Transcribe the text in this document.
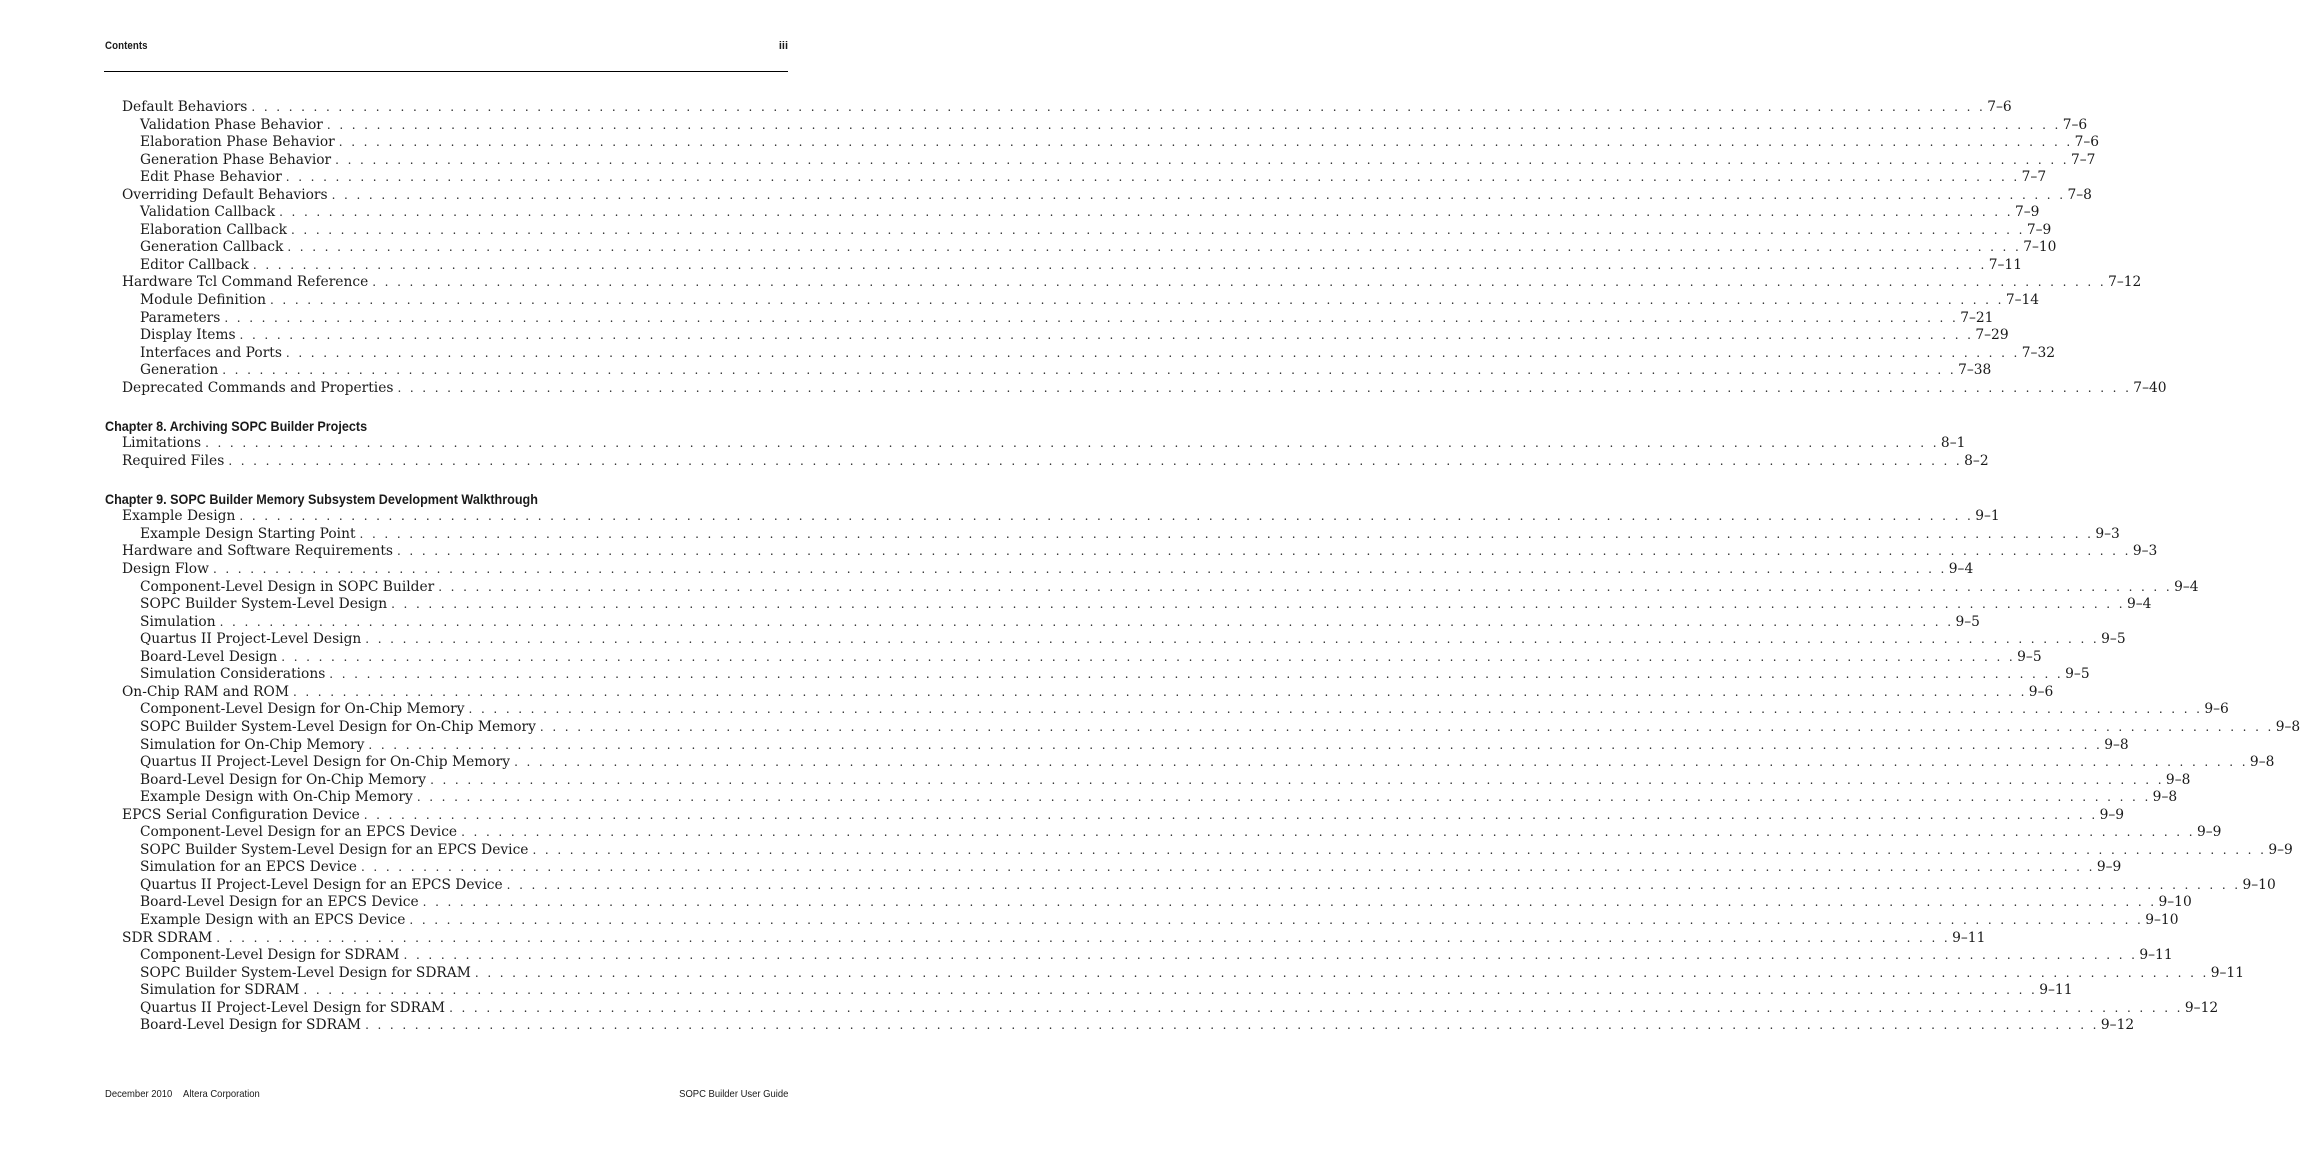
Contents	iii
Default Behaviors . . . . . . . . . . . . . . . . . . . . . . . . . . . . . . . . . . . . . . . . . . . . . . . . . . . . . . . . . . . . . . . . . . . . . . . . . . . . . . . . . . . . . . . . . . . . . . . . . . . . . . . . . . . . . . . . . . . . . . . . . . . . . . . . . . . . . . . . . . . . 7–6
Validation Phase Behavior . . . . . . . . . . . . . . . . . . . . . . . . . . . . . . . . . . . . . . . . . . . . . . . . . . . . . . . . . . . . . . . . . . . . . . . . . . . . . . . . . . . . . . . . . . . . . . . . . . . . . . . . . . . . . . . . . . . . . . . . . . . . . . . . . . . . . . . . . . . . 7–6
Elaboration Phase Behavior . . . . . . . . . . . . . . . . . . . . . . . . . . . . . . . . . . . . . . . . . . . . . . . . . . . . . . . . . . . . . . . . . . . . . . . . . . . . . . . . . . . . . . . . . . . . . . . . . . . . . . . . . . . . . . . . . . . . . . . . . . . . . . . . . . . . . . . . . . . . 7–6
Generation Phase Behavior . . . . . . . . . . . . . . . . . . . . . . . . . . . . . . . . . . . . . . . . . . . . . . . . . . . . . . . . . . . . . . . . . . . . . . . . . . . . . . . . . . . . . . . . . . . . . . . . . . . . . . . . . . . . . . . . . . . . . . . . . . . . . . . . . . . . . . . . . . . . 7–7
Edit Phase Behavior . . . . . . . . . . . . . . . . . . . . . . . . . . . . . . . . . . . . . . . . . . . . . . . . . . . . . . . . . . . . . . . . . . . . . . . . . . . . . . . . . . . . . . . . . . . . . . . . . . . . . . . . . . . . . . . . . . . . . . . . . . . . . . . . . . . . . . . . . . . . 7–7
Overriding Default Behaviors . . . . . . . . . . . . . . . . . . . . . . . . . . . . . . . . . . . . . . . . . . . . . . . . . . . . . . . . . . . . . . . . . . . . . . . . . . . . . . . . . . . . . . . . . . . . . . . . . . . . . . . . . . . . . . . . . . . . . . . . . . . . . . . . . . . . . . . . . . . . 7–8
Validation Callback . . . . . . . . . . . . . . . . . . . . . . . . . . . . . . . . . . . . . . . . . . . . . . . . . . . . . . . . . . . . . . . . . . . . . . . . . . . . . . . . . . . . . . . . . . . . . . . . . . . . . . . . . . . . . . . . . . . . . . . . . . . . . . . . . . . . . . . . . . . . 7–9
Elaboration Callback . . . . . . . . . . . . . . . . . . . . . . . . . . . . . . . . . . . . . . . . . . . . . . . . . . . . . . . . . . . . . . . . . . . . . . . . . . . . . . . . . . . . . . . . . . . . . . . . . . . . . . . . . . . . . . . . . . . . . . . . . . . . . . . . . . . . . . . . . . . . 7–9
Generation Callback . . . . . . . . . . . . . . . . . . . . . . . . . . . . . . . . . . . . . . . . . . . . . . . . . . . . . . . . . . . . . . . . . . . . . . . . . . . . . . . . . . . . . . . . . . . . . . . . . . . . . . . . . . . . . . . . . . . . . . . . . . . . . . . . . . . . . . . . . . . . 7–10
Editor Callback . . . . . . . . . . . . . . . . . . . . . . . . . . . . . . . . . . . . . . . . . . . . . . . . . . . . . . . . . . . . . . . . . . . . . . . . . . . . . . . . . . . . . . . . . . . . . . . . . . . . . . . . . . . . . . . . . . . . . . . . . . . . . . . . . . . . . . . . . . . . 7–11
Hardware Tcl Command Reference . . . . . . . . . . . . . . . . . . . . . . . . . . . . . . . . . . . . . . . . . . . . . . . . . . . . . . . . . . . . . . . . . . . . . . . . . . . . . . . . . . . . . . . . . . . . . . . . . . . . . . . . . . . . . . . . . . . . . . . . . . . . . . . . . . . . . . . . . . . . 7–12
Module Definition . . . . . . . . . . . . . . . . . . . . . . . . . . . . . . . . . . . . . . . . . . . . . . . . . . . . . . . . . . . . . . . . . . . . . . . . . . . . . . . . . . . . . . . . . . . . . . . . . . . . . . . . . . . . . . . . . . . . . . . . . . . . . . . . . . . . . . . . . . . . 7–14
Parameters . . . . . . . . . . . . . . . . . . . . . . . . . . . . . . . . . . . . . . . . . . . . . . . . . . . . . . . . . . . . . . . . . . . . . . . . . . . . . . . . . . . . . . . . . . . . . . . . . . . . . . . . . . . . . . . . . . . . . . . . . . . . . . . . . . . . . . . . . . . . 7–21
Display Items . . . . . . . . . . . . . . . . . . . . . . . . . . . . . . . . . . . . . . . . . . . . . . . . . . . . . . . . . . . . . . . . . . . . . . . . . . . . . . . . . . . . . . . . . . . . . . . . . . . . . . . . . . . . . . . . . . . . . . . . . . . . . . . . . . . . . . . . . . . . 7–29
Interfaces and Ports . . . . . . . . . . . . . . . . . . . . . . . . . . . . . . . . . . . . . . . . . . . . . . . . . . . . . . . . . . . . . . . . . . . . . . . . . . . . . . . . . . . . . . . . . . . . . . . . . . . . . . . . . . . . . . . . . . . . . . . . . . . . . . . . . . . . . . . . . . . . 7–32
Generation . . . . . . . . . . . . . . . . . . . . . . . . . . . . . . . . . . . . . . . . . . . . . . . . . . . . . . . . . . . . . . . . . . . . . . . . . . . . . . . . . . . . . . . . . . . . . . . . . . . . . . . . . . . . . . . . . . . . . . . . . . . . . . . . . . . . . . . . . . . . 7–38
Deprecated Commands and Properties . . . . . . . . . . . . . . . . . . . . . . . . . . . . . . . . . . . . . . . . . . . . . . . . . . . . . . . . . . . . . . . . . . . . . . . . . . . . . . . . . . . . . . . . . . . . . . . . . . . . . . . . . . . . . . . . . . . . . . . . . . . . . . . . . . . . . . . . . . . . 7–40
Chapter 8. Archiving SOPC Builder Projects
Limitations . . . . . . . . . . . . . . . . . . . . . . . . . . . . . . . . . . . . . . . . . . . . . . . . . . . . . . . . . . . . . . . . . . . . . . . . . . . . . . . . . . . . . . . . . . . . . . . . . . . . . . . . . . . . . . . . . . . . . . . . . . . . . . . . . . . . . . . . . . . . 8–1
Required Files . . . . . . . . . . . . . . . . . . . . . . . . . . . . . . . . . . . . . . . . . . . . . . . . . . . . . . . . . . . . . . . . . . . . . . . . . . . . . . . . . . . . . . . . . . . . . . . . . . . . . . . . . . . . . . . . . . . . . . . . . . . . . . . . . . . . . . . . . . . . 8–2
Chapter 9. SOPC Builder Memory Subsystem Development Walkthrough
Example Design . . . . . . . . . . . . . . . . . . . . . . . . . . . . . . . . . . . . . . . . . . . . . . . . . . . . . . . . . . . . . . . . . . . . . . . . . . . . . . . . . . . . . . . . . . . . . . . . . . . . . . . . . . . . . . . . . . . . . . . . . . . . . . . . . . . . . . . . . . . . 9–1
Example Design Starting Point . . . . . . . . . . . . . . . . . . . . . . . . . . . . . . . . . . . . . . . . . . . . . . . . . . . . . . . . . . . . . . . . . . . . . . . . . . . . . . . . . . . . . . . . . . . . . . . . . . . . . . . . . . . . . . . . . . . . . . . . . . . . . . . . . . . . . . . . . . . . 9–3
Hardware and Software Requirements . . . . . . . . . . . . . . . . . . . . . . . . . . . . . . . . . . . . . . . . . . . . . . . . . . . . . . . . . . . . . . . . . . . . . . . . . . . . . . . . . . . . . . . . . . . . . . . . . . . . . . . . . . . . . . . . . . . . . . . . . . . . . . . . . . . . . . . . . . . . 9–3
Design Flow . . . . . . . . . . . . . . . . . . . . . . . . . . . . . . . . . . . . . . . . . . . . . . . . . . . . . . . . . . . . . . . . . . . . . . . . . . . . . . . . . . . . . . . . . . . . . . . . . . . . . . . . . . . . . . . . . . . . . . . . . . . . . . . . . . . . . . . . . . . . 9–4
Component-Level Design in SOPC Builder . . . . . . . . . . . . . . . . . . . . . . . . . . . . . . . . . . . . . . . . . . . . . . . . . . . . . . . . . . . . . . . . . . . . . . . . . . . . . . . . . . . . . . . . . . . . . . . . . . . . . . . . . . . . . . . . . . . . . . . . . . . . . . . . . . . . . . . . . . . . 9–4
SOPC Builder System-Level Design . . . . . . . . . . . . . . . . . . . . . . . . . . . . . . . . . . . . . . . . . . . . . . . . . . . . . . . . . . . . . . . . . . . . . . . . . . . . . . . . . . . . . . . . . . . . . . . . . . . . . . . . . . . . . . . . . . . . . . . . . . . . . . . . . . . . . . . . . . . . 9–4
Simulation . . . . . . . . . . . . . . . . . . . . . . . . . . . . . . . . . . . . . . . . . . . . . . . . . . . . . . . . . . . . . . . . . . . . . . . . . . . . . . . . . . . . . . . . . . . . . . . . . . . . . . . . . . . . . . . . . . . . . . . . . . . . . . . . . . . . . . . . . . . . 9–5
Quartus II Project-Level Design . . . . . . . . . . . . . . . . . . . . . . . . . . . . . . . . . . . . . . . . . . . . . . . . . . . . . . . . . . . . . . . . . . . . . . . . . . . . . . . . . . . . . . . . . . . . . . . . . . . . . . . . . . . . . . . . . . . . . . . . . . . . . . . . . . . . . . . . . . . . 9–5
Board-Level Design . . . . . . . . . . . . . . . . . . . . . . . . . . . . . . . . . . . . . . . . . . . . . . . . . . . . . . . . . . . . . . . . . . . . . . . . . . . . . . . . . . . . . . . . . . . . . . . . . . . . . . . . . . . . . . . . . . . . . . . . . . . . . . . . . . . . . . . . . . . . 9–5
Simulation Considerations . . . . . . . . . . . . . . . . . . . . . . . . . . . . . . . . . . . . . . . . . . . . . . . . . . . . . . . . . . . . . . . . . . . . . . . . . . . . . . . . . . . . . . . . . . . . . . . . . . . . . . . . . . . . . . . . . . . . . . . . . . . . . . . . . . . . . . . . . . . . 9–5
On-Chip RAM and ROM . . . . . . . . . . . . . . . . . . . . . . . . . . . . . . . . . . . . . . . . . . . . . . . . . . . . . . . . . . . . . . . . . . . . . . . . . . . . . . . . . . . . . . . . . . . . . . . . . . . . . . . . . . . . . . . . . . . . . . . . . . . . . . . . . . . . . . . . . . . . 9–6
Component-Level Design for On-Chip Memory . . . . . . . . . . . . . . . . . . . . . . . . . . . . . . . . . . . . . . . . . . . . . . . . . . . . . . . . . . . . . . . . . . . . . . . . . . . . . . . . . . . . . . . . . . . . . . . . . . . . . . . . . . . . . . . . . . . . . . . . . . . . . . . . . . . . . . . . . . . . 9–6
SOPC Builder System-Level Design for On-Chip Memory . . . . . . . . . . . . . . . . . . . . . . . . . . . . . . . . . . . . . . . . . . . . . . . . . . . . . . . . . . . . . . . . . . . . . . . . . . . . . . . . . . . . . . . . . . . . . . . . . . . . . . . . . . . . . . . . . . . . . . . . . . . . . . . . . . . . . . . . . . . . 9–8
Simulation for On-Chip Memory . . . . . . . . . . . . . . . . . . . . . . . . . . . . . . . . . . . . . . . . . . . . . . . . . . . . . . . . . . . . . . . . . . . . . . . . . . . . . . . . . . . . . . . . . . . . . . . . . . . . . . . . . . . . . . . . . . . . . . . . . . . . . . . . . . . . . . . . . . . . 9–8
Quartus II Project-Level Design for On-Chip Memory . . . . . . . . . . . . . . . . . . . . . . . . . . . . . . . . . . . . . . . . . . . . . . . . . . . . . . . . . . . . . . . . . . . . . . . . . . . . . . . . . . . . . . . . . . . . . . . . . . . . . . . . . . . . . . . . . . . . . . . . . . . . . . . . . . . . . . . . . . . . 9–8
Board-Level Design for On-Chip Memory . . . . . . . . . . . . . . . . . . . . . . . . . . . . . . . . . . . . . . . . . . . . . . . . . . . . . . . . . . . . . . . . . . . . . . . . . . . . . . . . . . . . . . . . . . . . . . . . . . . . . . . . . . . . . . . . . . . . . . . . . . . . . . . . . . . . . . . . . . . . 9–8
Example Design with On-Chip Memory . . . . . . . . . . . . . . . . . . . . . . . . . . . . . . . . . . . . . . . . . . . . . . . . . . . . . . . . . . . . . . . . . . . . . . . . . . . . . . . . . . . . . . . . . . . . . . . . . . . . . . . . . . . . . . . . . . . . . . . . . . . . . . . . . . . . . . . . . . . . 9–8
EPCS Serial Configuration Device . . . . . . . . . . . . . . . . . . . . . . . . . . . . . . . . . . . . . . . . . . . . . . . . . . . . . . . . . . . . . . . . . . . . . . . . . . . . . . . . . . . . . . . . . . . . . . . . . . . . . . . . . . . . . . . . . . . . . . . . . . . . . . . . . . . . . . . . . . . . 9–9
Component-Level Design for an EPCS Device . . . . . . . . . . . . . . . . . . . . . . . . . . . . . . . . . . . . . . . . . . . . . . . . . . . . . . . . . . . . . . . . . . . . . . . . . . . . . . . . . . . . . . . . . . . . . . . . . . . . . . . . . . . . . . . . . . . . . . . . . . . . . . . . . . . . . . . . . . . . 9–9
SOPC Builder System-Level Design for an EPCS Device . . . . . . . . . . . . . . . . . . . . . . . . . . . . . . . . . . . . . . . . . . . . . . . . . . . . . . . . . . . . . . . . . . . . . . . . . . . . . . . . . . . . . . . . . . . . . . . . . . . . . . . . . . . . . . . . . . . . . . . . . . . . . . . . . . . . . . . . . . . . 9–9
Simulation for an EPCS Device . . . . . . . . . . . . . . . . . . . . . . . . . . . . . . . . . . . . . . . . . . . . . . . . . . . . . . . . . . . . . . . . . . . . . . . . . . . . . . . . . . . . . . . . . . . . . . . . . . . . . . . . . . . . . . . . . . . . . . . . . . . . . . . . . . . . . . . . . . . . 9–9
Quartus II Project-Level Design for an EPCS Device . . . . . . . . . . . . . . . . . . . . . . . . . . . . . . . . . . . . . . . . . . . . . . . . . . . . . . . . . . . . . . . . . . . . . . . . . . . . . . . . . . . . . . . . . . . . . . . . . . . . . . . . . . . . . . . . . . . . . . . . . . . . . . . . . . . . . . . . . . . . 9–10
Board-Level Design for an EPCS Device . . . . . . . . . . . . . . . . . . . . . . . . . . . . . . . . . . . . . . . . . . . . . . . . . . . . . . . . . . . . . . . . . . . . . . . . . . . . . . . . . . . . . . . . . . . . . . . . . . . . . . . . . . . . . . . . . . . . . . . . . . . . . . . . . . . . . . . . . . . . 9–10
Example Design with an EPCS Device . . . . . . . . . . . . . . . . . . . . . . . . . . . . . . . . . . . . . . . . . . . . . . . . . . . . . . . . . . . . . . . . . . . . . . . . . . . . . . . . . . . . . . . . . . . . . . . . . . . . . . . . . . . . . . . . . . . . . . . . . . . . . . . . . . . . . . . . . . . . 9–10
SDR SDRAM . . . . . . . . . . . . . . . . . . . . . . . . . . . . . . . . . . . . . . . . . . . . . . . . . . . . . . . . . . . . . . . . . . . . . . . . . . . . . . . . . . . . . . . . . . . . . . . . . . . . . . . . . . . . . . . . . . . . . . . . . . . . . . . . . . . . . . . . . . . . 9–11
Component-Level Design for SDRAM . . . . . . . . . . . . . . . . . . . . . . . . . . . . . . . . . . . . . . . . . . . . . . . . . . . . . . . . . . . . . . . . . . . . . . . . . . . . . . . . . . . . . . . . . . . . . . . . . . . . . . . . . . . . . . . . . . . . . . . . . . . . . . . . . . . . . . . . . . . . 9–11
SOPC Builder System-Level Design for SDRAM . . . . . . . . . . . . . . . . . . . . . . . . . . . . . . . . . . . . . . . . . . . . . . . . . . . . . . . . . . . . . . . . . . . . . . . . . . . . . . . . . . . . . . . . . . . . . . . . . . . . . . . . . . . . . . . . . . . . . . . . . . . . . . . . . . . . . . . . . . . . 9–11
Simulation for SDRAM . . . . . . . . . . . . . . . . . . . . . . . . . . . . . . . . . . . . . . . . . . . . . . . . . . . . . . . . . . . . . . . . . . . . . . . . . . . . . . . . . . . . . . . . . . . . . . . . . . . . . . . . . . . . . . . . . . . . . . . . . . . . . . . . . . . . . . . . . . . . 9–11
Quartus II Project-Level Design for SDRAM . . . . . . . . . . . . . . . . . . . . . . . . . . . . . . . . . . . . . . . . . . . . . . . . . . . . . . . . . . . . . . . . . . . . . . . . . . . . . . . . . . . . . . . . . . . . . . . . . . . . . . . . . . . . . . . . . . . . . . . . . . . . . . . . . . . . . . . . . . . . 9–12
Board-Level Design for SDRAM . . . . . . . . . . . . . . . . . . . . . . . . . . . . . . . . . . . . . . . . . . . . . . . . . . . . . . . . . . . . . . . . . . . . . . . . . . . . . . . . . . . . . . . . . . . . . . . . . . . . . . . . . . . . . . . . . . . . . . . . . . . . . . . . . . . . . . . . . . . . 9–12
December 2010 Altera Corporation	SOPC Builder User Guide
